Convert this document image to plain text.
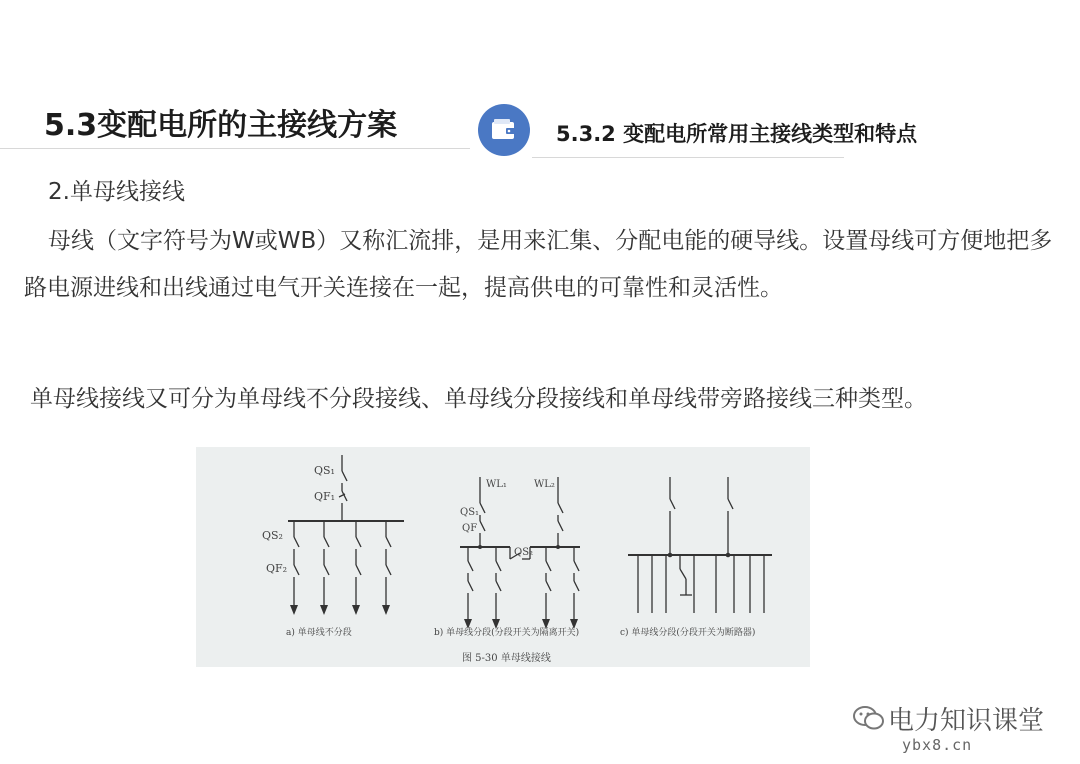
5.3变配电所的主接线方案	5.3.2 变配电所常用主接线类型和特点
2.单母线接线
母线（文字符号为W或WB）又称汇流排，是用来汇集、分配电能的硬导线。设置母线可方便地把多路电源进线和出线通过电气开关连接在一起，提高供电的可靠性和灵活性。
单母线接线又可分为单母线不分段接线、单母线分段接线和单母线带旁路接线三种类型。
QS₁
QF₁
QS₂
QF₂
WL₁	WL₂
QS₁
QF
QS₂
a) 单母线不分段	b) 单母线分段(分段开关为隔离开关)	c) 单母线分段(分段开关为断路器)
图 5-30 单母线接线
电力知识课堂
ybx8.cn
